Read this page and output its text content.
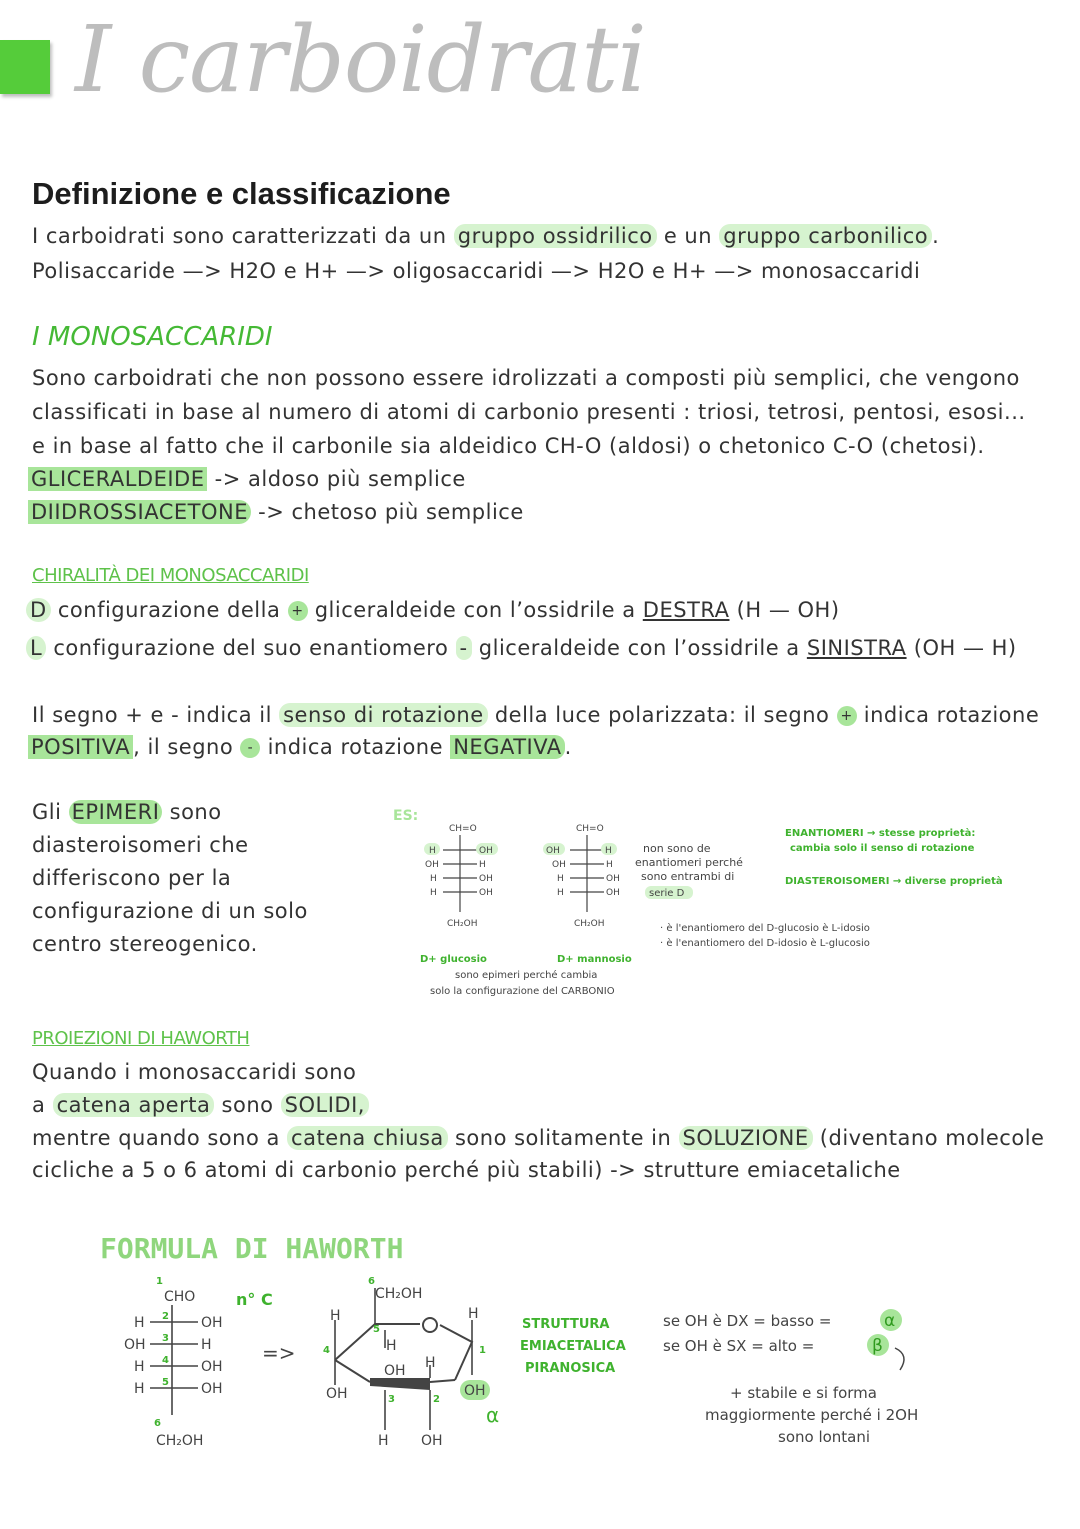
I carboidrati
Definizione e classificazione
I carboidrati sono caratterizzati da un gruppo ossidrilico e un gruppo carbonilico .
Polisaccaride —> H2O e H+ —> oligosaccaridi —> H2O e H+ —> monosaccaridi
I MONOSACCARIDI
Sono carboidrati che non possono essere idrolizzati a composti più semplici, che vengono
classificati in base al numero di atomi di carbonio presenti : triosi, tetrosi, pentosi, esosi...
e in base al fatto che il carbonile sia aldeidico CH-O (aldosi) o chetonico C-O (chetosi).
GLICERALDEIDE -> aldoso più semplice
DIIDROSSIACETONE -> chetoso più semplice
CHIRALITÀ DEI MONOSACCARIDI
D configurazione della + gliceraldeide con l’ossidrile a DESTRA (H — OH)
L configurazione del suo enantiomero - gliceraldeide con l’ossidrile a SINISTRA (OH — H)
Il segno + e - indica il senso di rotazione della luce polarizzata: il segno + indica rotazione
POSITIVA , il segno - indica rotazione NEGATIVA .
Gli EPIMERI sono
diasteroisomeri che
differiscono per la
configurazione di un solo
centro stereogenico.
ES:
CH=O
H	OH
OH	H
H	OH
H	OH
CH₂OH
CH=O
OH	H
OH	H
H	OH
H	OH
CH₂OH
non sono de
enantiomeri perché
sono entrambi di
serie D
D+ glucosio	D+ mannosio
sono epimeri perché cambia
solo la configurazione del CARBONIO
ENANTIOMERI → stesse proprietà:
cambia solo il senso di rotazione
DIASTEROISOMERI → diverse proprietà
· è l'enantiomero del D-glucosio è L-idosio
· è l'enantiomero del D-idosio è L-glucosio
PROIEZIONI DI HAWORTH
Quando i monosaccaridi sono
a catena aperta sono SOLIDI,
mentre quando sono a catena chiusa sono solitamente in SOLUZIONE (diventano molecole
cicliche a 5 o 6 atomi di carbonio perché più stabili) -> strutture emiacetaliche
FORMULA DI HAWORTH
CHO
H	OH
OH	H
H	OH
H	OH
CH₂OH
1
2
3
4
5
6
n° C
=>
CH₂OH
6
H
OH
H
OH
α
H
OH H
H OH
5
4
3	2
1
STRUTTURA
EMIACETALICA
PIRANOSICA
se OH è DX = basso =	α
se OH è SX = alto =	β
+ stabile e si forma
maggiormente perché i 2OH
sono lontani
